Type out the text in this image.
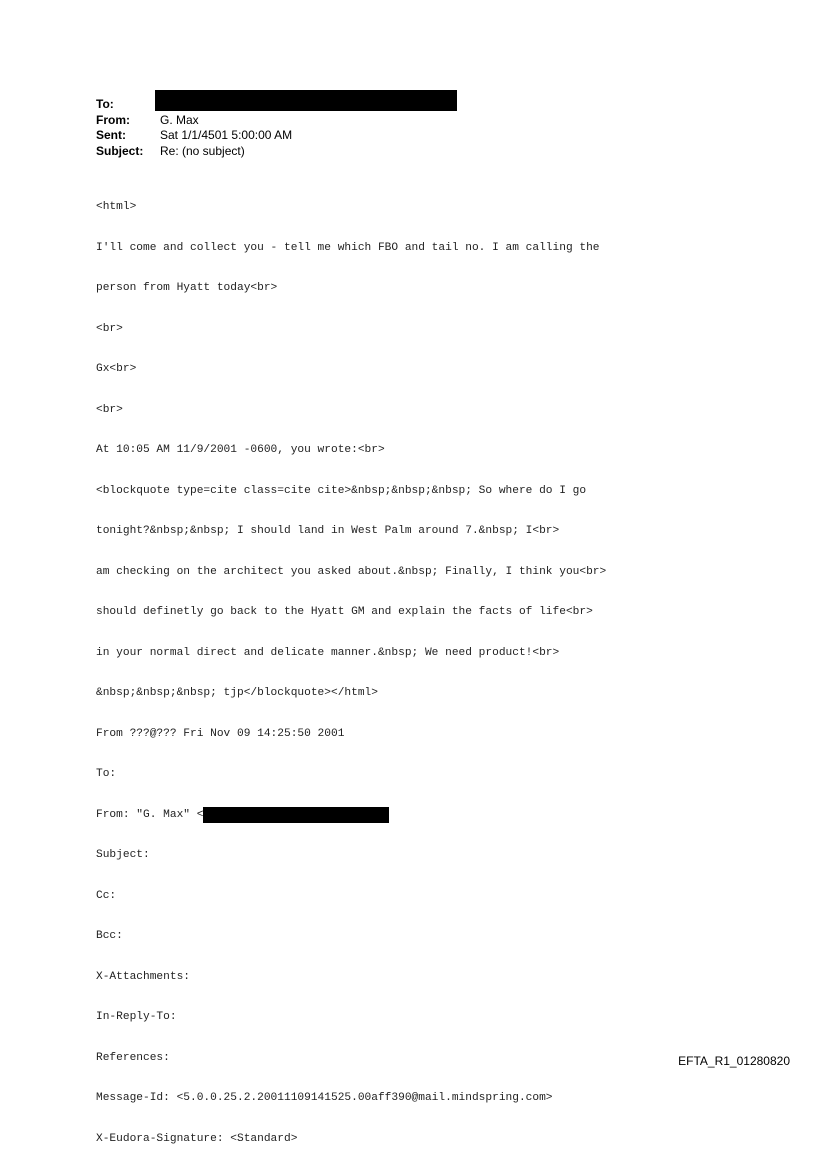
To:
From:	G. Max
Sent:	Sat 1/1/4501 5:00:00 AM
Subject: Re: (no subject)

<html>

I'll come and collect you - tell me which FBO and tail no. I am calling the

person from Hyatt today<br>

<br>

Gx<br>

<br>

At 10:05 AM 11/9/2001 -0600, you wrote:<br>

<blockquote type=cite class=cite cite>&nbsp;&nbsp;&nbsp; So where do I go

tonight?&nbsp;&nbsp; I should land in West Palm around 7.&nbsp; I<br>

am checking on the architect you asked about.&nbsp; Finally, I think you<br>

should definetly go back to the Hyatt GM and explain the facts of life<br>

in your normal direct and delicate manner.&nbsp; We need product!<br>

&nbsp;&nbsp;&nbsp; tjp</blockquote></html>

From ???@??? Fri Nov 09 14:25:50 2001

To:

From: "G. Max" <

Subject:

Cc:

Bcc:

X-Attachments:

In-Reply-To:

References:

Message-Id: <5.0.0.25.2.20011109141525.00aff390@mail.mindspring.com>

X-Eudora-Signature: <Standard>

EFTA_R1_01280820
